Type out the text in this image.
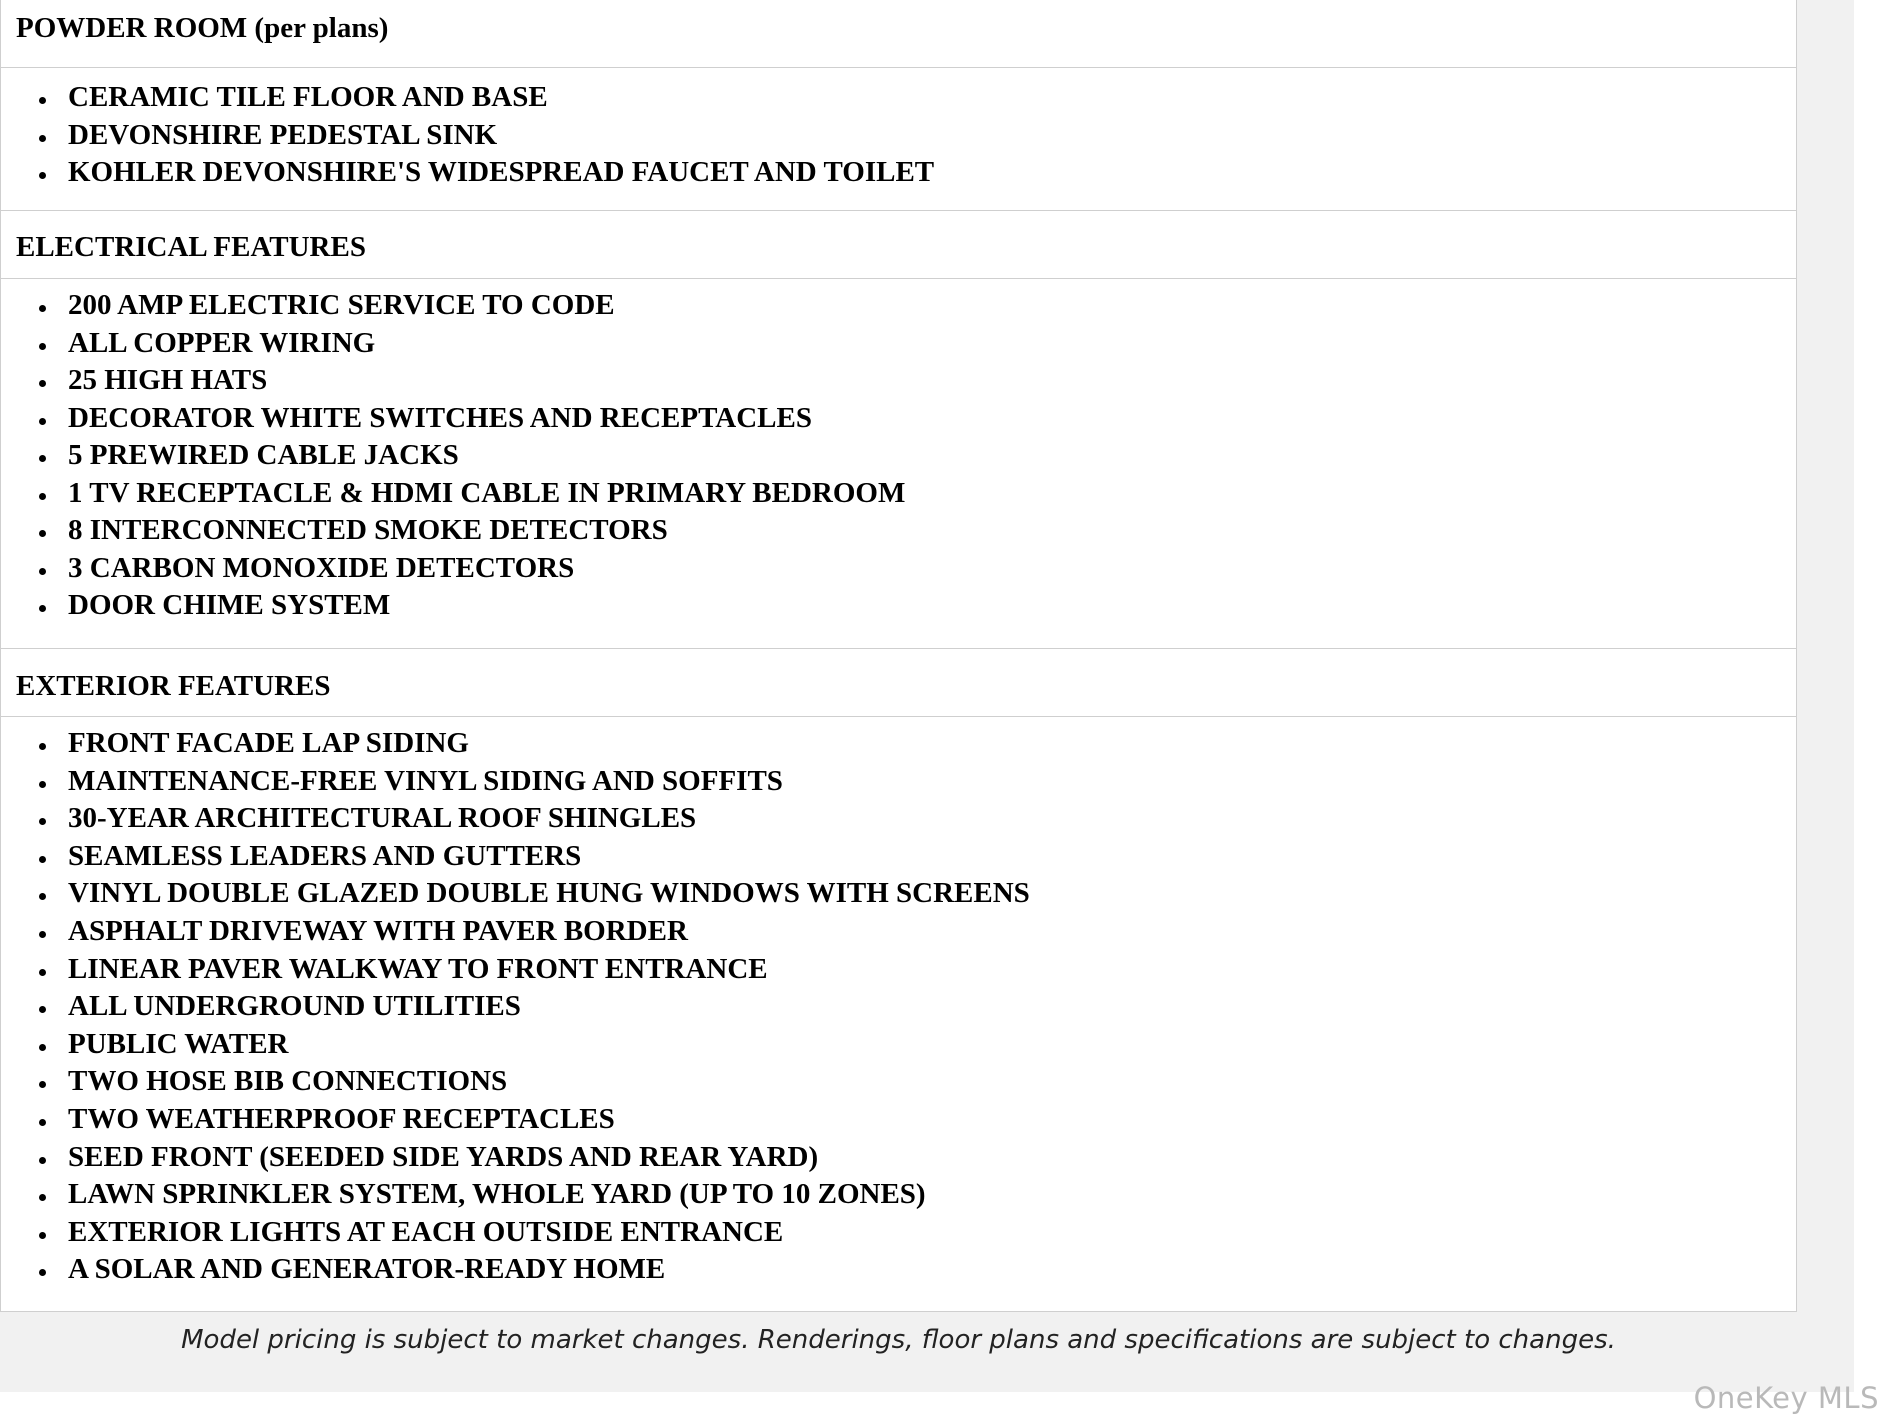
POWDER ROOM (per plans)
CERAMIC TILE FLOOR AND BASE
DEVONSHIRE PEDESTAL SINK
KOHLER DEVONSHIRE'S WIDESPREAD FAUCET AND TOILET
ELECTRICAL FEATURES
200 AMP ELECTRIC SERVICE TO CODE
ALL COPPER WIRING
25 HIGH HATS
DECORATOR WHITE SWITCHES AND RECEPTACLES
5 PREWIRED CABLE JACKS
1 TV RECEPTACLE & HDMI CABLE IN PRIMARY BEDROOM
8 INTERCONNECTED SMOKE DETECTORS
3 CARBON MONOXIDE DETECTORS
DOOR CHIME SYSTEM
EXTERIOR FEATURES
FRONT FACADE LAP SIDING
MAINTENANCE-FREE VINYL SIDING AND SOFFITS
30-YEAR ARCHITECTURAL ROOF SHINGLES
SEAMLESS LEADERS AND GUTTERS
VINYL DOUBLE GLAZED DOUBLE HUNG WINDOWS WITH SCREENS
ASPHALT DRIVEWAY WITH PAVER BORDER
LINEAR PAVER WALKWAY TO FRONT ENTRANCE
ALL UNDERGROUND UTILITIES
PUBLIC WATER
TWO HOSE BIB CONNECTIONS
TWO WEATHERPROOF RECEPTACLES
SEED FRONT (SEEDED SIDE YARDS AND REAR YARD)
LAWN SPRINKLER SYSTEM, WHOLE YARD (UP TO 10 ZONES)
EXTERIOR LIGHTS AT EACH OUTSIDE ENTRANCE
A SOLAR AND GENERATOR-READY HOME
Model pricing is subject to market changes. Renderings, floor plans and specifications are subject to changes.
OneKey MLS
